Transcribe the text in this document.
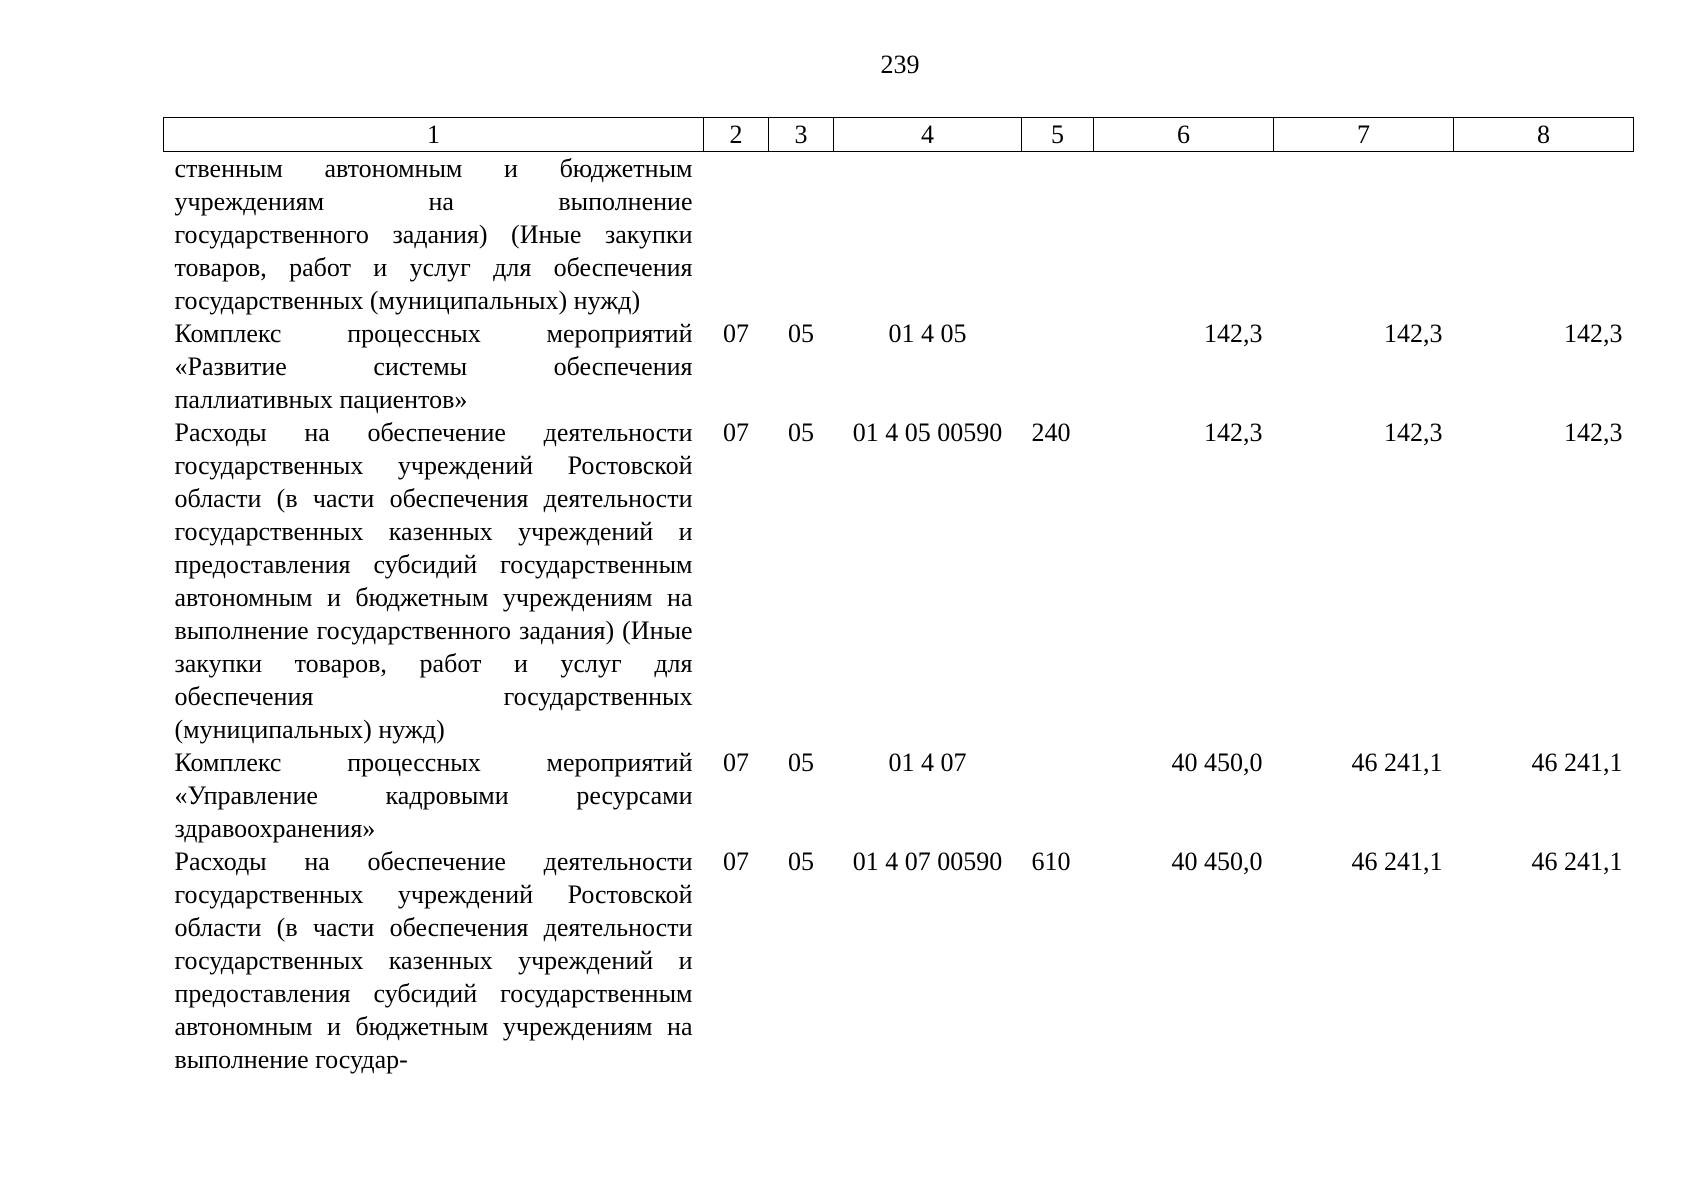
239
1	2	3	4	5	6	7	8
ственным автономным и бюджетным учреждениям на выполнение государственного задания) (Иные закупки товаров, работ и услуг для обеспечения государственных (муниципальных) нужд)							
Комплекс процессных мероприятий «Развитие системы обеспечения паллиативных пациентов»	07	05	01 4 05		142,3	142,3	142,3
Расходы на обеспечение деятельности государственных учреждений Ростовской области (в части обеспечения деятельности государственных казенных учреждений и предоставления субсидий государственным автономным и бюджетным учреждениям на выполнение государственного задания) (Иные закупки товаров, работ и услуг для обеспечения государственных (муниципальных) нужд)	07	05	01 4 05 00590	240	142,3	142,3	142,3
Комплекс процессных мероприятий «Управление кадровыми ресурсами здравоохранения»	07	05	01 4 07		40 450,0	46 241,1	46 241,1
Расходы на обеспечение деятельности государственных учреждений Ростовской области (в части обеспечения деятельности государственных казенных учреждений и предоставления субсидий государственным автономным и бюджетным учреждениям на выполнение государ-	07	05	01 4 07 00590	610	40 450,0	46 241,1	46 241,1
